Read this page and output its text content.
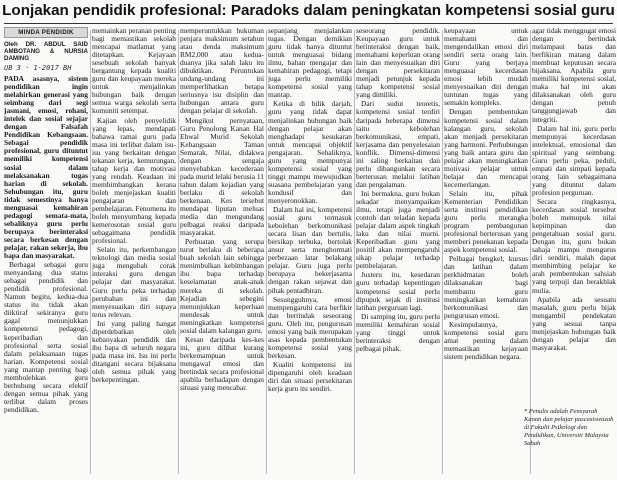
Lonjakan pendidik profesional: Paradoks dalam peningkatan kompetensi sosial guru
MINDA PENDIDIK
Oleh DR. ABDUL SAID AMBOTANG & NURSIA DAMING
UB 3 · 1·2017 BH

PADA asasnya, sistem pendidikan ingin melahirkan generasi yang seimbang dari segi jasmani, emosi, rohani, intelek dan sosial sejajar dengan Falsafah Pendidikan Kebangsaan. Sebagai pendidik profesional, guru dituntut memiliki kompetensi sosial dalam melaksanakan tugas harian di sekolah. Sehubungan itu, guru tidak semestinya hanya menguasai kemahiran pedagogi semata-mata, sebaliknya guru perlu berupaya berinteraksi secara berkesan dengan pelajar, rakan sekerja, ibu bapa dan masyarakat.

Berbagai sebagai guru menyandang dua status sebagai pendidik dan pendidik profesional. Namun begitu, kedua-dua status itu tidak akan diiktiraf sekiranya guru gagal menunjukkan kompetensi pedagogi, keperibadian dan profesional serta sosial dalam pelaksanaan tugas harian. Kompetensi sosial yang mantap penting bagi membolehkan guru berhubung secara efektif dengan semua pihak yang terlibat dalam proses pendidikan.

memainkan peranan penting bagi memastikan sekolah mencapai matlamat yang ditetapkan. Kejayaan sesebuah sekolah banyak bergantung kepada kualiti guru dan keupayaan mereka untuk menjalinkan hubungan baik dengan semua warga sekolah serta komuniti setempat.

Kajian oleh penyelidik yang lepas, mendapati bahawa ramai guru pada masa ini terlibat dalam isu-isu yang berkaitan dengan tekanan kerja, kemurungan, tahap kerja dan motivasi yang rendah. Keadaan ini membimbangkan kerana boleh menjejaskan kualiti pengajaran dan pembelajaran. Fenomena itu boleh menyumbang kepada kemerosotan sosial guru sebagaimana pendidik profesional.

Selain itu, perkembangan teknologi dan media sosial juga mengubah corak interaksi guru dengan pelajar dan masyarakat. Guru perlu peka terhadap perubahan ini dan menyesuaikan diri supaya terus relevan.

Ini yang paling hangat diperdebatkan oleh kebanyakan pendidik dan ibu bapa di seluruh negara pada masa ini. Isu ini perlu ditangani secara bijaksana oleh semua pihak yang berkepentingan.

memperuntukkan hukuman penjara maksimum setahun atau denda maksimum RM2,000 atau kedua-duanya jika salah laku itu dibuktikan. Peruntukan undang-undang ini memperlihatkan betapa seriusnya isu disiplin dan hubungan antara guru dengan pelajar di sekolah.

Mengikut pernyataan, Guru Penolong Kanan Hal Ehwal Murid Sekolah Kebangsaan Taman Semarak, Nilai, didakwa dengan sengaja menyebabkan kecederaan pada murid lelaki berusia 11 tahun dalam kejadian yang berlaku di sekolah berkenaan. Kes tersebut mendapat liputan meluas media dan mengundang pelbagai reaksi daripada masyarakat.

Perbuatan yang serupa turut berlaku di beberapa buah sekolah lain sehingga menimbulkan kebimbangan ibu bapa terhadap keselamatan anak-anak mereka di sekolah. Kejadian sebegini menunjukkan keperluan mendesak untuk meningkatkan kompetensi sosial dalam kalangan guru.

Kesan daripada kes-kes ini, guru dilihat kurang berkemampuan untuk mengawal emosi dan bertindak secara profesional apabila berhadapan dengan situasi yang mencabar.

sepanjang menjalankan tugas. Dengan demikian guru tidak hanya dituntut untuk menguasai bidang ilmu, bahan mengajar dan kemahiran pedagogi, tetapi juga perlu memiliki kompetensi sosial yang mantap.

Ketika di bilik darjah, guru yang tidak dapat menjalinkan hubungan baik dengan pelajar akan menghadapi kesukaran untuk mencapai objektif pengajaran. Sebaliknya, guru yang mempunyai kompetensi sosial yang tinggi mampu mewujudkan suasana pembelajaran yang kondusif dan menyeronokkan.

Dalam hal ini, kompetensi sosial guru termasuk kebolehan berkomunikasi secara lisan dan bertulis, bersikap terbuka, bertolak ansur serta menghormati perbezaan latar belakang pelajar. Guru juga perlu berupaya bekerjasama dengan rakan sejawat dan pihak pentadbiran.

Sesungguhnya, emosi mempengaruhi cara berfikir dan bertindak seseorang guru. Oleh itu, pengurusan emosi yang baik merupakan asas kepada pembentukan kompetensi sosial yang berkesan.

Kualiti kompetensi ini dipengaruhi oleh keadaan diri dan situasi persekitaran kerja guru itu sendiri.

seseorang pendidik. Keupayaan guru untuk berinteraksi dengan baik, memahami keperluan orang lain dan menyesuaikan diri dengan persekitaran menjadi petunjuk kepada tahap kompetensi sosial yang dimiliki.

Dari sudut teoretis, kompetensi sosial terdiri daripada beberapa dimensi iaitu kebolehan berkomunikasi, empati, kerjasama dan penyelesaian konflik. Dimensi-dimensi ini saling berkaitan dan perlu dibangunkan secara berterusan melalui latihan dan pengalaman.

Ini bermakna, guru bukan sekadar menyampaikan ilmu, tetapi juga menjadi contoh dan teladan kepada pelajar dalam aspek tingkah laku dan nilai murni. Keperibadian guru yang positif akan mempengaruhi sikap pelajar terhadap pembelajaran.

Justeru itu, kesedaran guru terhadap kepentingan kompetensi sosial perlu dipupuk sejak di institusi latihan perguruan lagi.

Di samping itu, guru perlu memiliki kemahiran sosial yang tinggi untuk berinteraksi dengan pelbagai pihak.

keupayaan untuk memahami dan mengendalikan emosi diri sendiri serta orang lain. Guru yang berjaya menguasai kecerdasan emosi lebih mudah menyesuaikan diri dengan tuntutan tugas yang semakin kompleks.

Dengan pembentukan kompetensi sosial dalam kalangan guru, sekolah akan menjadi persekitaran yang harmoni. Perhubungan yang baik antara guru dan pelajar akan meningkatkan motivasi pelajar untuk belajar dan mencapai kecemerlangan.

Selain itu, pihak Kementerian Pendidikan serta institusi pendidikan guru perlu merangka program pembangunan profesional berterusan yang memberi penekanan kepada aspek kompetensi sosial.

Pelbagai bengkel, kursus dan latihan dalam perkhidmatan boleh dilaksanakan bagi membantu guru meningkatkan kemahiran berkomunikasi dan pengurusan emosi.

Kesimpulannya, kompetensi sosial guru amat penting dalam memastikan kejayaan sistem pendidikan negara.

agar tidak menggugat emosi dengan bertindak melampaui batas dan berfikiran matang dalam membuat keputusan secara bijaksana. Apabila guru memiliki kompetensi sosial, maka hal ini akan dilaksanakan oleh guru dengan penuh tanggungjawab dan integriti.

Dalam hal ini, guru perlu mempunyai kecerdasan intelektual, emosional dan spiritual yang seimbang. Guru perlu peka, peduli, empati dan simpati kepada orang lain sebagaimana yang dituntut dalam profesion perguruan.

Secara ringkasnya, kecerdasan sosial tersebut boleh memupuk nilai kepimpinan dan pengetahuan sosial guru. Dengan itu, guru bukan sahaja mampu mengurus diri sendiri, malah dapat membimbing pelajar ke arah pembentukan sahsiah yang terpuji dan berakhlak mulia.

Apabila ada sesuatu masalah, guru perlu bijak mengambil pendekatan yang sesuai tanpa menjejaskan hubungan baik dengan pelajar dan masyarakat.

* Penulis adalah Pensyarah Kanan dan pelajar pascasiswazah di Fakulti Psikologi dan Pendidikan, Universiti Malaysia Sabah
